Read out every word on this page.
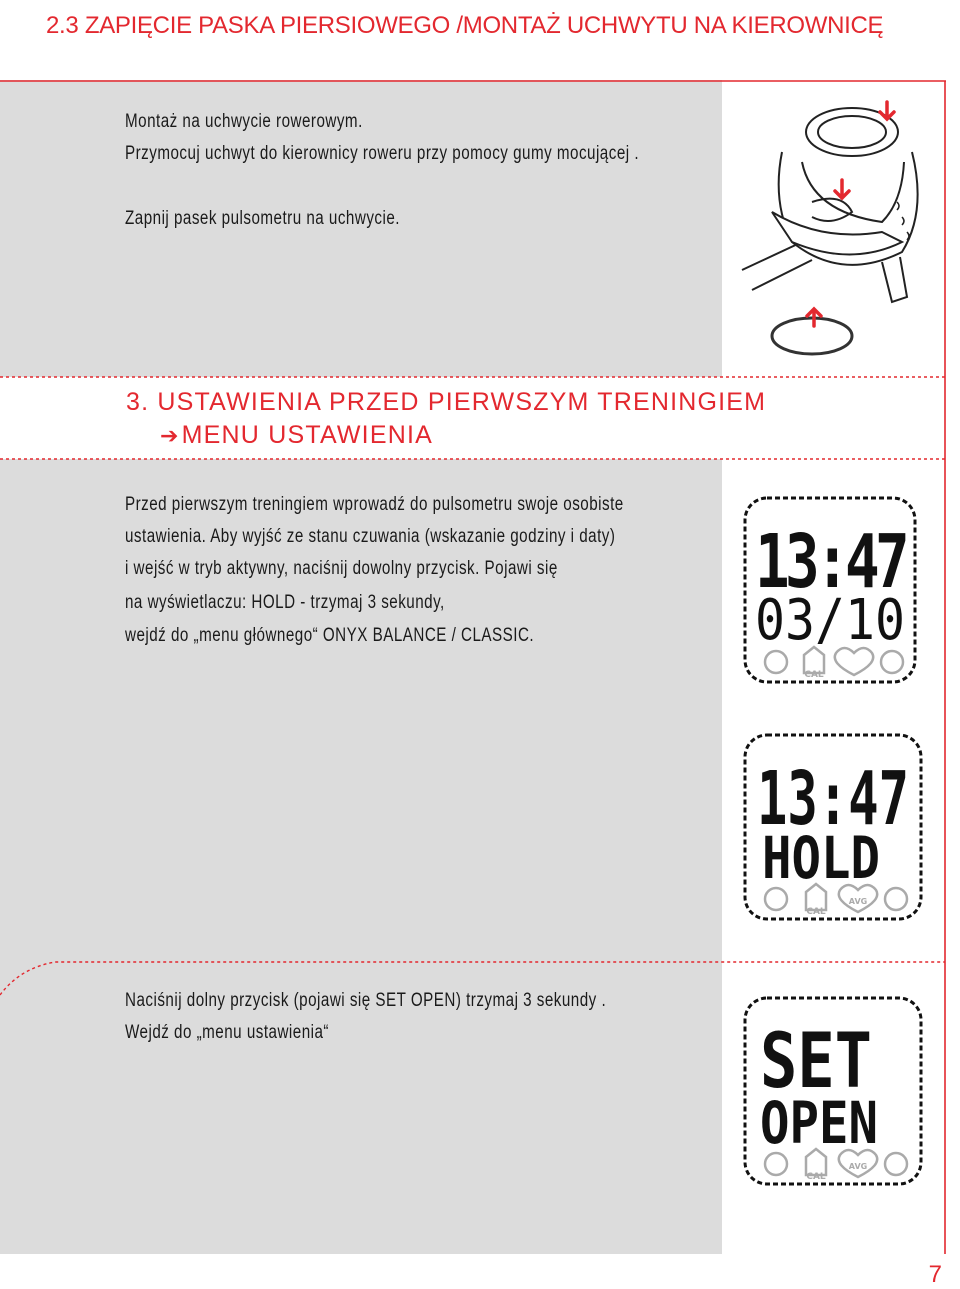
2.3 ZAPIĘCIE PASKA PIERSIOWEGO /MONTAŻ UCHWYTU NA KIEROWNICĘ
Montaż na uchwycie rowerowym.
Przymocuj uchwyt do kierownicy roweru przy pomocy gumy mocującej .
Zapnij pasek pulsometru na uchwycie.
3. USTAWIENIA PRZED PIERWSZYM TRENINGIEM
➔MENU USTAWIENIA
Przed pierwszym treningiem wprowadź do pulsometru swoje osobiste
ustawienia. Aby wyjść ze stanu czuwania (wskazanie godziny i daty)
i wejść w tryb aktywny, naciśnij dowolny przycisk. Pojawi się
na wyświetlaczu: HOLD - trzymaj 3 sekundy,
wejdź do „menu głównego“ ONYX BALANCE / CLASSIC.
Naciśnij dolny przycisk (pojawi się SET OPEN) trzymaj 3 sekundy .
Wejdź do „menu ustawienia“
13:47
03/10
CAL
AVG
13:47
HOLD
CAL
AVG
SET
OPEN
CAL
AVG
7
